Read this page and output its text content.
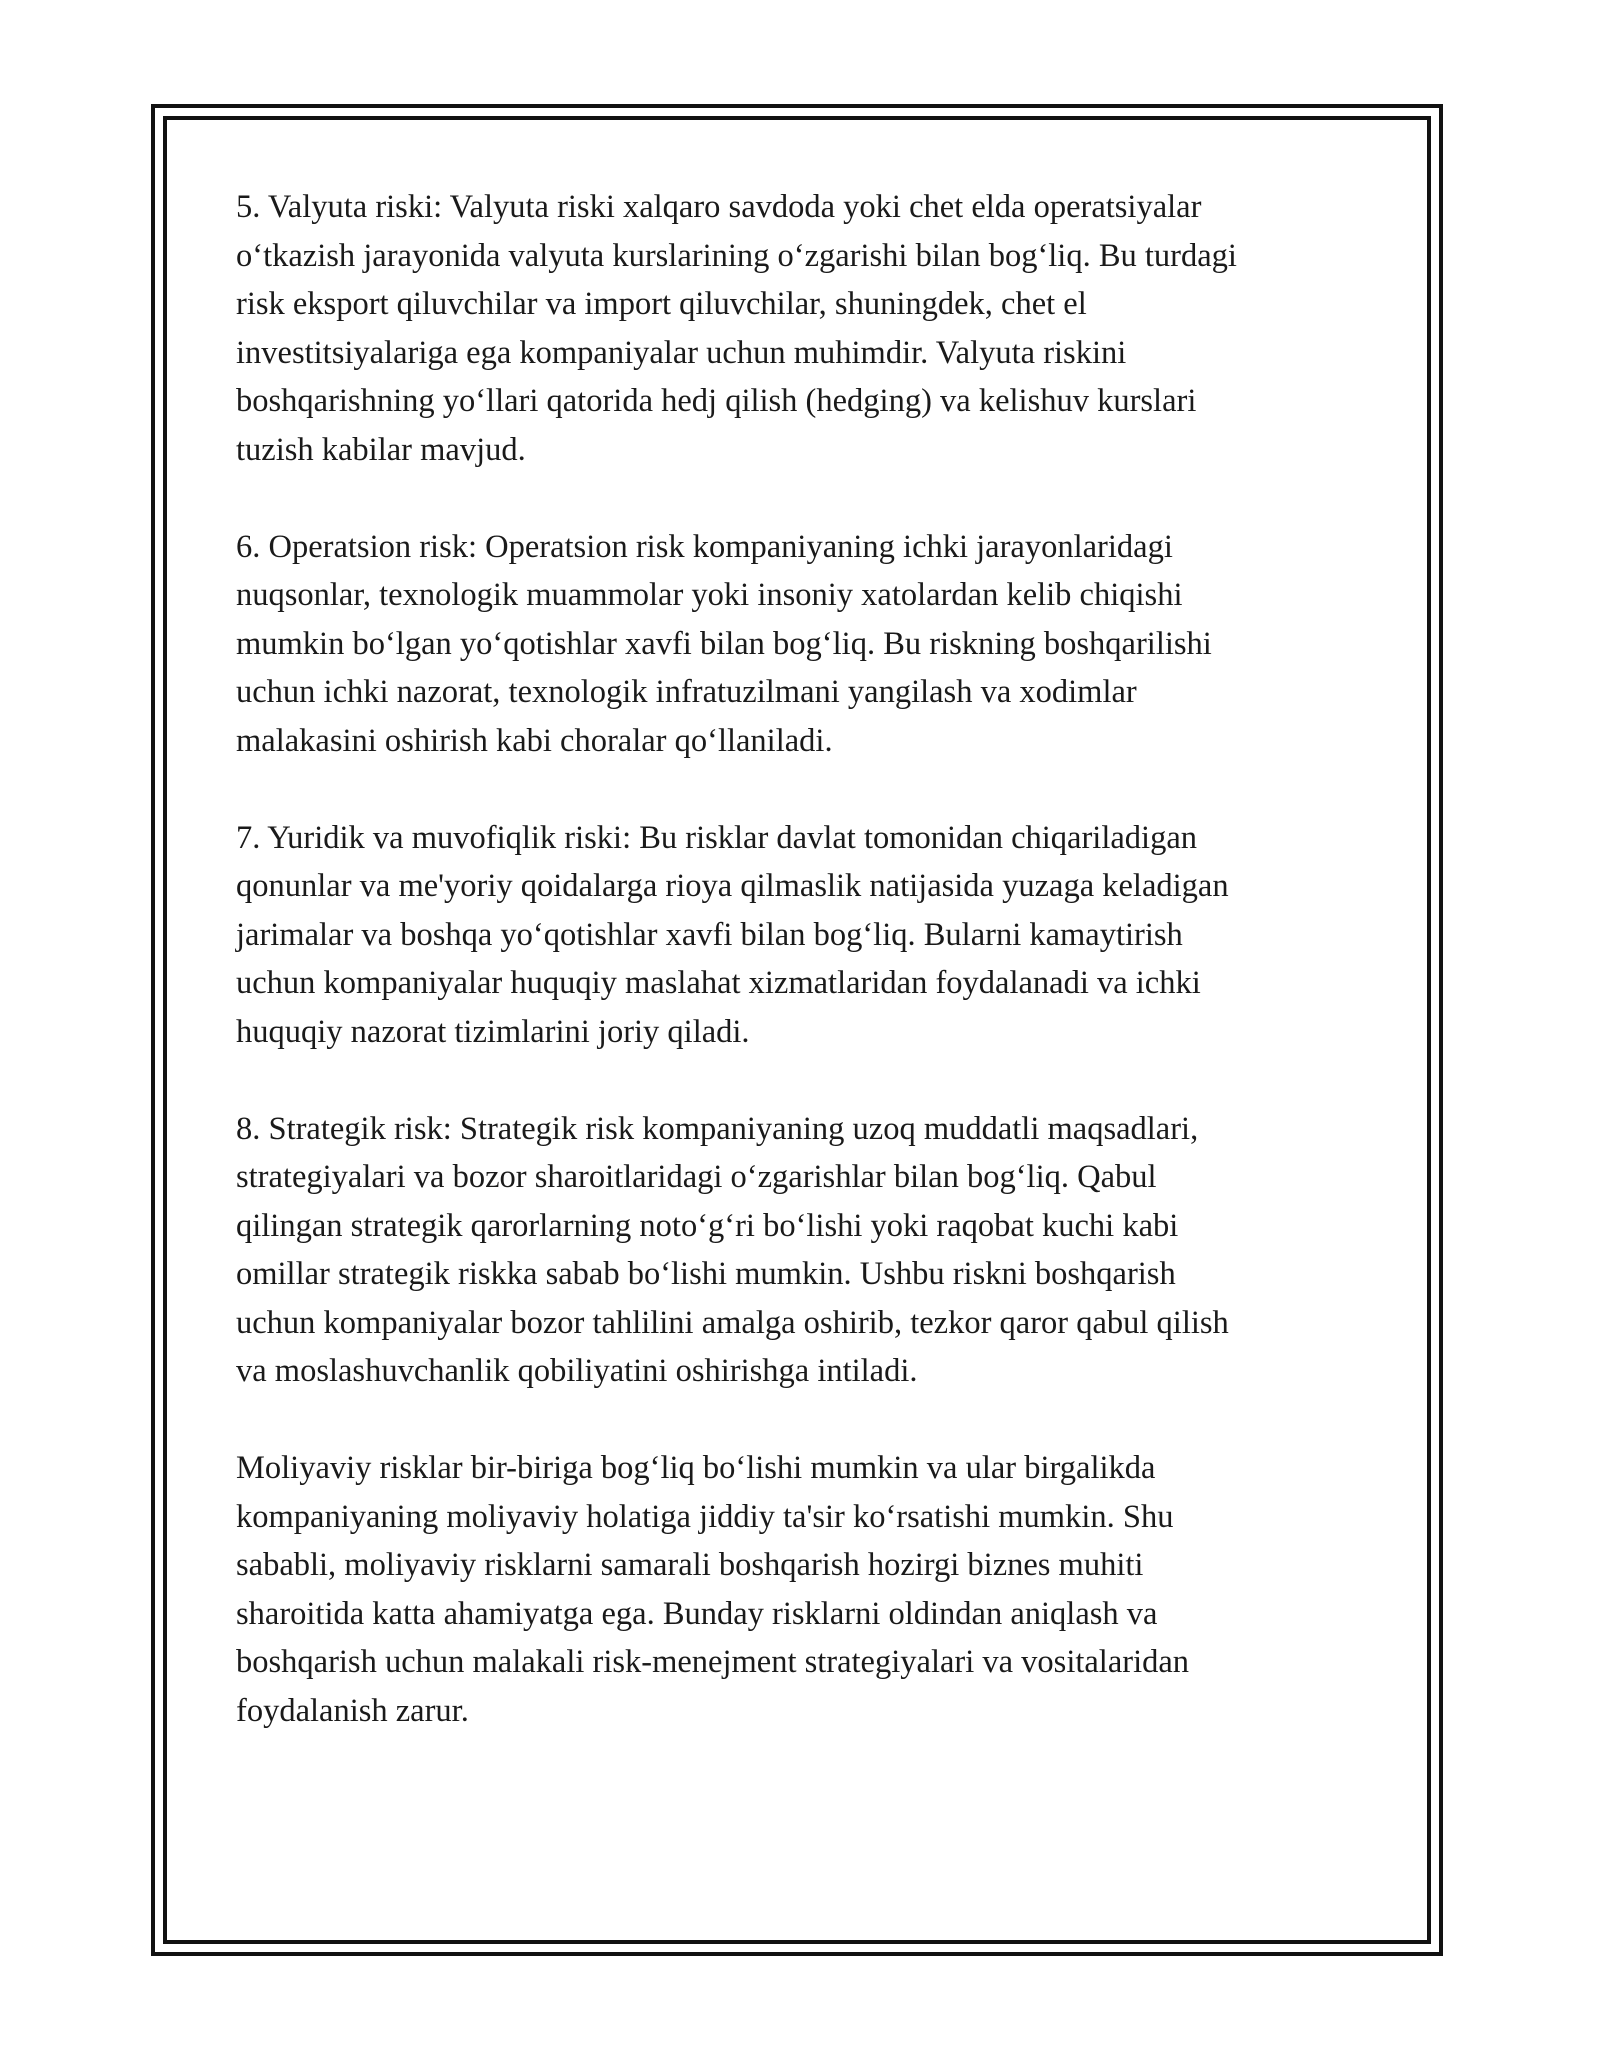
5. Valyuta riski: Valyuta riski xalqaro savdoda yoki chet elda operatsiyalar
o‘tkazish jarayonida valyuta kurslarining o‘zgarishi bilan bog‘liq. Bu turdagi
risk eksport qiluvchilar va import qiluvchilar, shuningdek, chet el
investitsiyalariga ega kompaniyalar uchun muhimdir. Valyuta riskini
boshqarishning yo‘llari qatorida hedj qilish (hedging) va kelishuv kurslari
tuzish kabilar mavjud.

6. Operatsion risk: Operatsion risk kompaniyaning ichki jarayonlaridagi
nuqsonlar, texnologik muammolar yoki insoniy xatolardan kelib chiqishi
mumkin bo‘lgan yo‘qotishlar xavfi bilan bog‘liq. Bu riskning boshqarilishi
uchun ichki nazorat, texnologik infratuzilmani yangilash va xodimlar
malakasini oshirish kabi choralar qo‘llaniladi.

7. Yuridik va muvofiqlik riski: Bu risklar davlat tomonidan chiqariladigan
qonunlar va me'yoriy qoidalarga rioya qilmaslik natijasida yuzaga keladigan
jarimalar va boshqa yo‘qotishlar xavfi bilan bog‘liq. Bularni kamaytirish
uchun kompaniyalar huquqiy maslahat xizmatlaridan foydalanadi va ichki
huquqiy nazorat tizimlarini joriy qiladi.

8. Strategik risk: Strategik risk kompaniyaning uzoq muddatli maqsadlari,
strategiyalari va bozor sharoitlaridagi o‘zgarishlar bilan bog‘liq. Qabul
qilingan strategik qarorlarning noto‘g‘ri bo‘lishi yoki raqobat kuchi kabi
omillar strategik riskka sabab bo‘lishi mumkin. Ushbu riskni boshqarish
uchun kompaniyalar bozor tahlilini amalga oshirib, tezkor qaror qabul qilish
va moslashuvchanlik qobiliyatini oshirishga intiladi.

Moliyaviy risklar bir-biriga bog‘liq bo‘lishi mumkin va ular birgalikda
kompaniyaning moliyaviy holatiga jiddiy ta'sir ko‘rsatishi mumkin. Shu
sababli, moliyaviy risklarni samarali boshqarish hozirgi biznes muhiti
sharoitida katta ahamiyatga ega. Bunday risklarni oldindan aniqlash va
boshqarish uchun malakali risk-menejment strategiyalari va vositalaridan
foydalanish zarur.
